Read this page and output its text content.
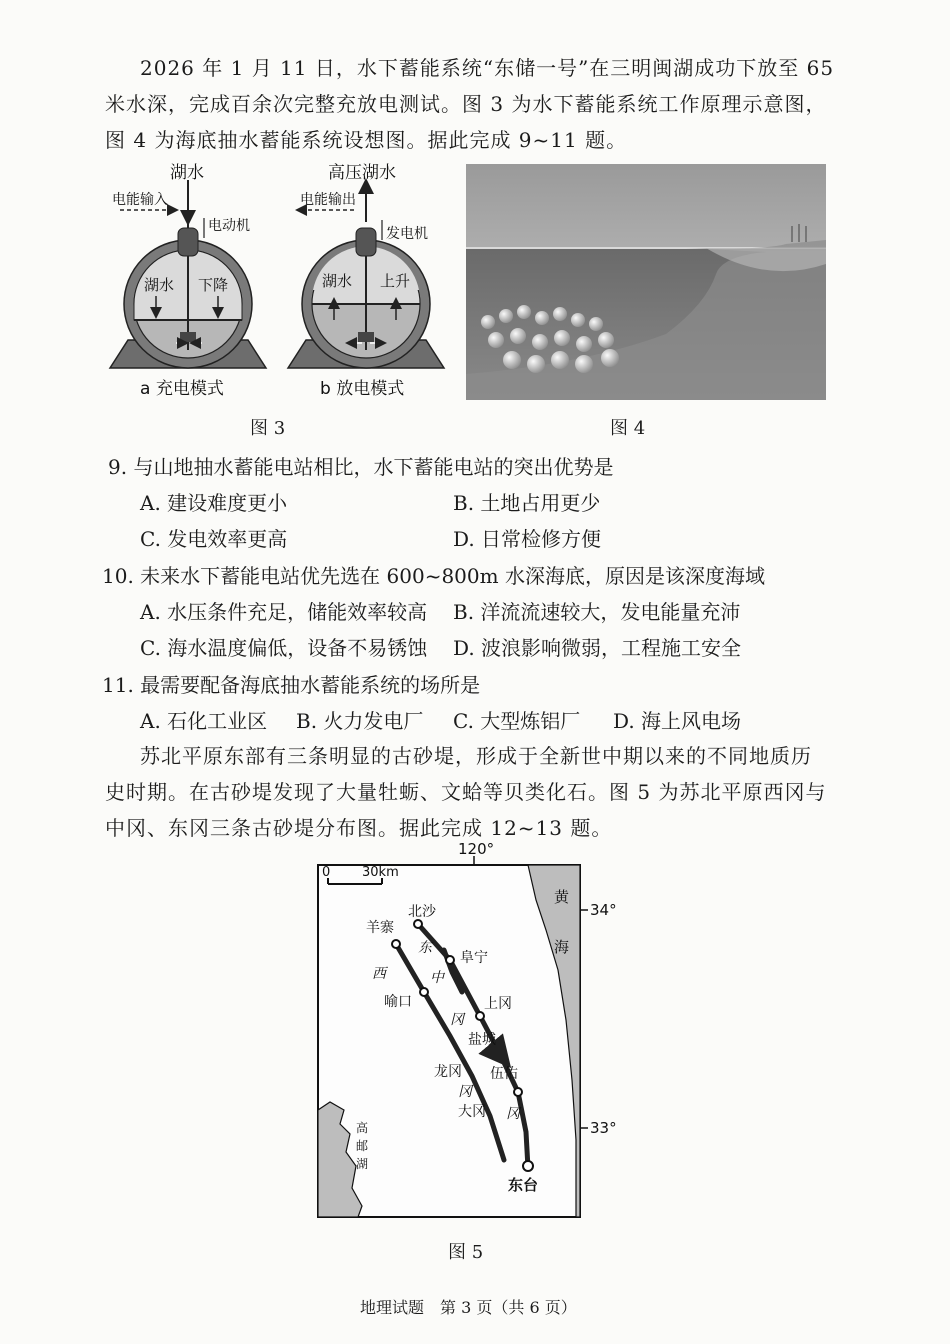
2026 年 1 月 11 日，水下蓄能系统“东储一号”在三明闽湖成功下放至 65
米水深，完成百余次完整充放电测试。图 3 为水下蓄能系统工作原理示意图，
图 4 为海底抽水蓄能系统设想图。据此完成 9~11 题。
湖水
电能输入
电动机
湖水 下降
a 充电模式
高压湖水
电能输出
发电机
湖水 上升
b 放电模式
图 3	图 4
9. 与山地抽水蓄能电站相比，水下蓄能电站的突出优势是
A. 建设难度更小	B. 土地占用更少
C. 发电效率更高	D. 日常检修方便
10. 未来水下蓄能电站优先选在 600~800m 水深海底，原因是该深度海域
A. 水压条件充足，储能效率较高 B. 洋流流速较大，发电能量充沛
C. 海水温度偏低，设备不易锈蚀 D. 波浪影响微弱，工程施工安全
11. 最需要配备海底抽水蓄能系统的场所是
A. 石化工业区 B. 火力发电厂 C. 大型炼铝厂 D. 海上风电场
苏北平原东部有三条明显的古砂堤，形成于全新世中期以来的不同地质历
史时期。在古砂堤发现了大量牡蛎、文蛤等贝类化石。图 5 为苏北平原西冈与
中冈、东冈三条古砂堤分布图。据此完成 12~13 题。
120°
34°
33°
0 30km
黄
海
高
邮
湖
北沙
羊寨
阜宁
喻口	上冈
盐城
龙冈 伍佑
大冈
东台
西
冈
中
冈
东
冈
图 5
地理试题　第 3 页（共 6 页）
